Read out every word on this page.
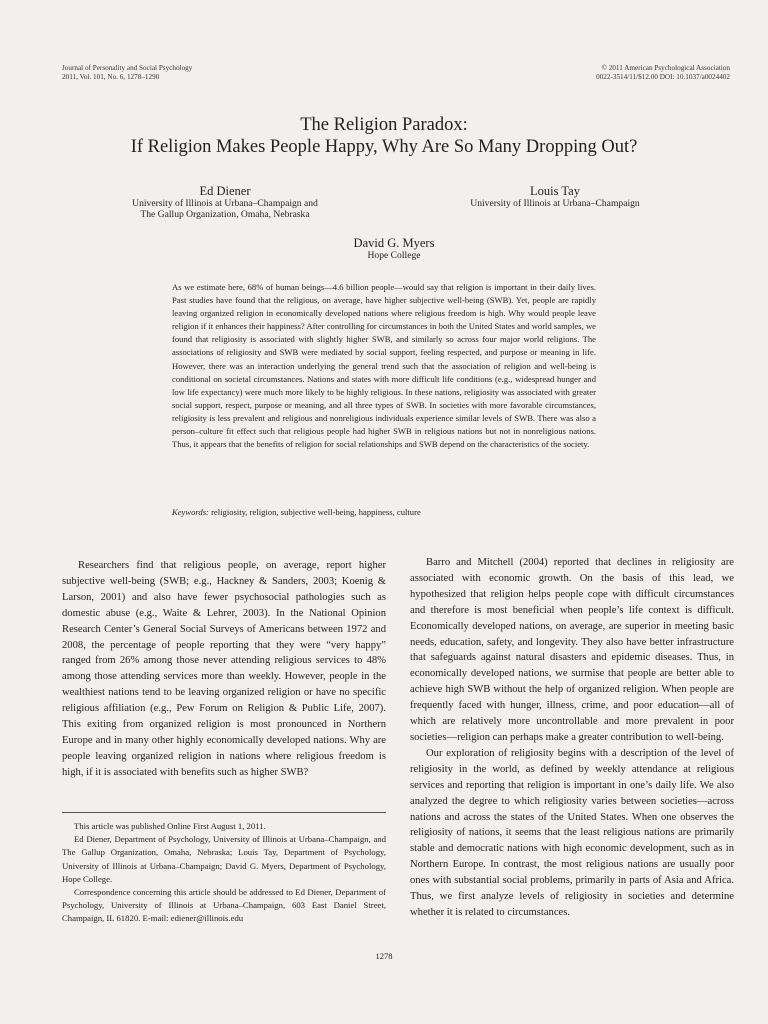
Journal of Personality and Social Psychology
2011, Vol. 101, No. 6, 1278–1290
© 2011 American Psychological Association
0022-3514/11/$12.00 DOI: 10.1037/a0024402
The Religion Paradox:
If Religion Makes People Happy, Why Are So Many Dropping Out?
Ed Diener
University of Illinois at Urbana–Champaign and
The Gallup Organization, Omaha, Nebraska
Louis Tay
University of Illinois at Urbana–Champaign
David G. Myers
Hope College
As we estimate here, 68% of human beings—4.6 billion people—would say that religion is important in their daily lives. Past studies have found that the religious, on average, have higher subjective well-being (SWB). Yet, people are rapidly leaving organized religion in economically developed nations where religious freedom is high. Why would people leave religion if it enhances their happiness? After controlling for circumstances in both the United States and world samples, we found that religiosity is associated with slightly higher SWB, and similarly so across four major world religions. The associations of religiosity and SWB were mediated by social support, feeling respected, and purpose or meaning in life. However, there was an interaction underlying the general trend such that the association of religion and well-being is conditional on societal circumstances. Nations and states with more difficult life conditions (e.g., widespread hunger and low life expectancy) were much more likely to be highly religious. In these nations, religiosity was associated with greater social support, respect, purpose or meaning, and all three types of SWB. In societies with more favorable circumstances, religiosity is less prevalent and religious and nonreligious individuals experience similar levels of SWB. There was also a person–culture fit effect such that religious people had higher SWB in religious nations but not in nonreligious nations. Thus, it appears that the benefits of religion for social relationships and SWB depend on the characteristics of the society.
Keywords: religiosity, religion, subjective well-being, happiness, culture

Researchers find that religious people, on average, report higher subjective well-being (SWB; e.g., Hackney & Sanders, 2003; Koenig & Larson, 2001) and also have fewer psychosocial pathologies such as domestic abuse (e.g., Waite & Lehrer, 2003). In the National Opinion Research Center’s General Social Surveys of Americans between 1972 and 2008, the percentage of people reporting that they were “very happy” ranged from 26% among those never attending religious services to 48% among those attending services more than weekly. However, people in the wealthiest nations tend to be leaving organized religion or have no specific religious affiliation (e.g., Pew Forum on Religion & Public Life, 2007). This exiting from organized religion is most pronounced in Northern Europe and in many other highly economically developed nations. Why are people leaving organized religion in nations where religious freedom is high, if it is associated with benefits such as higher SWB?

This article was published Online First August 1, 2011.

Ed Diener, Department of Psychology, University of Illinois at Urbana–Champaign, and The Gallup Organization, Omaha, Nebraska; Louis Tay, Department of Psychology, University of Illinois at Urbana–Champaign; David G. Myers, Department of Psychology, Hope College.

Correspondence concerning this article should be addressed to Ed Diener, Department of Psychology, University of Illinois at Urbana–Champaign, 603 East Daniel Street, Champaign, IL 61820. E-mail: ediener@illinois.edu

Barro and Mitchell (2004) reported that declines in religiosity are associated with economic growth. On the basis of this lead, we hypothesized that religion helps people cope with difficult circumstances and therefore is most beneficial when people’s life context is difficult. Economically developed nations, on average, are superior in meeting basic needs, education, safety, and longevity. They also have better infrastructure that safeguards against natural disasters and epidemic diseases. Thus, in economically developed nations, we surmise that people are better able to achieve high SWB without the help of organized religion. When people are frequently faced with hunger, illness, crime, and poor education—all of which are relatively more uncontrollable and more prevalent in poor societies—religion can perhaps make a greater contribution to well-being.

Our exploration of religiosity begins with a description of the level of religiosity in the world, as defined by weekly attendance at religious services and reporting that religion is important in one’s daily life. We also analyzed the degree to which religiosity varies between societies—across nations and across the states of the United States. When one observes the religiosity of nations, it seems that the least religious nations are primarily stable and democratic nations with high economic development, such as in Northern Europe. In contrast, the most religious nations are usually poor ones with substantial social problems, primarily in parts of Asia and Africa. Thus, we first analyze levels of religiosity in societies and determine whether it is related to circumstances.

1278
